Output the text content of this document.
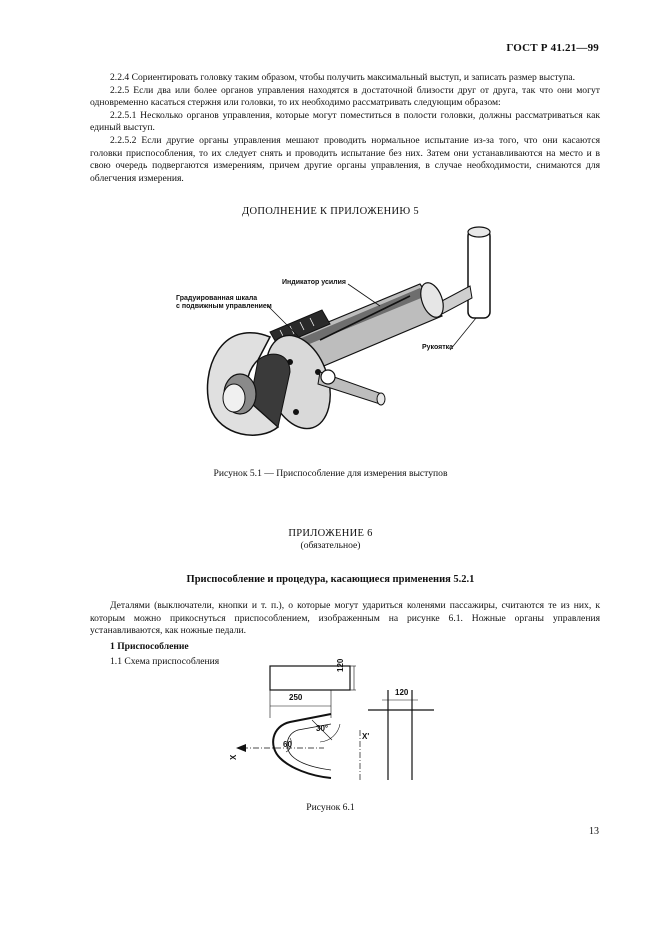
ГОСТ Р 41.21—99

2.2.4 Сориентировать головку таким образом, чтобы получить максимальный выступ, и записать размер выступа.

2.2.5 Если два или более органов управления находятся в достаточной близости друг от друга, так что они могут одновременно касаться стержня или головки, то их необходимо рассматривать следующим образом:

2.2.5.1 Несколько органов управления, которые могут поместиться в полости головки, должны рассматриваться как единый выступ.

2.2.5.2 Если другие органы управления мешают проводить нормальное испытание из-за того, что они касаются головки приспособления, то их следует снять и проводить испытание без них. Затем они устанавливаются на место и в свою очередь подвергаются измерениям, причем другие органы управления, в случае необходимости, снимаются для облегчения измерения.

ДОПОЛНЕНИЕ К ПРИЛОЖЕНИЮ 5
Градуированная шкала
с подвижным управлением
Индикатор усилия
Рукоятка
Рисунок 5.1 — Приспособление для измерения выступов
ПРИЛОЖЕНИЕ 6
(обязательное)
Приспособление и процедура, касающиеся применения 5.2.1

Деталями (выключатели, кнопки и т. п.), о которые могут удариться коленями пассажиры, считаются те из них, к которым можно прикоснуться приспособлением, изображенным на рисунке 6.1. Ножные органы управления устанавливаются, как ножные педали.

1 Приспособление
1.1 Схема приспособления
250
120
120
30°
60
X
X'
Рисунок 6.1
13
